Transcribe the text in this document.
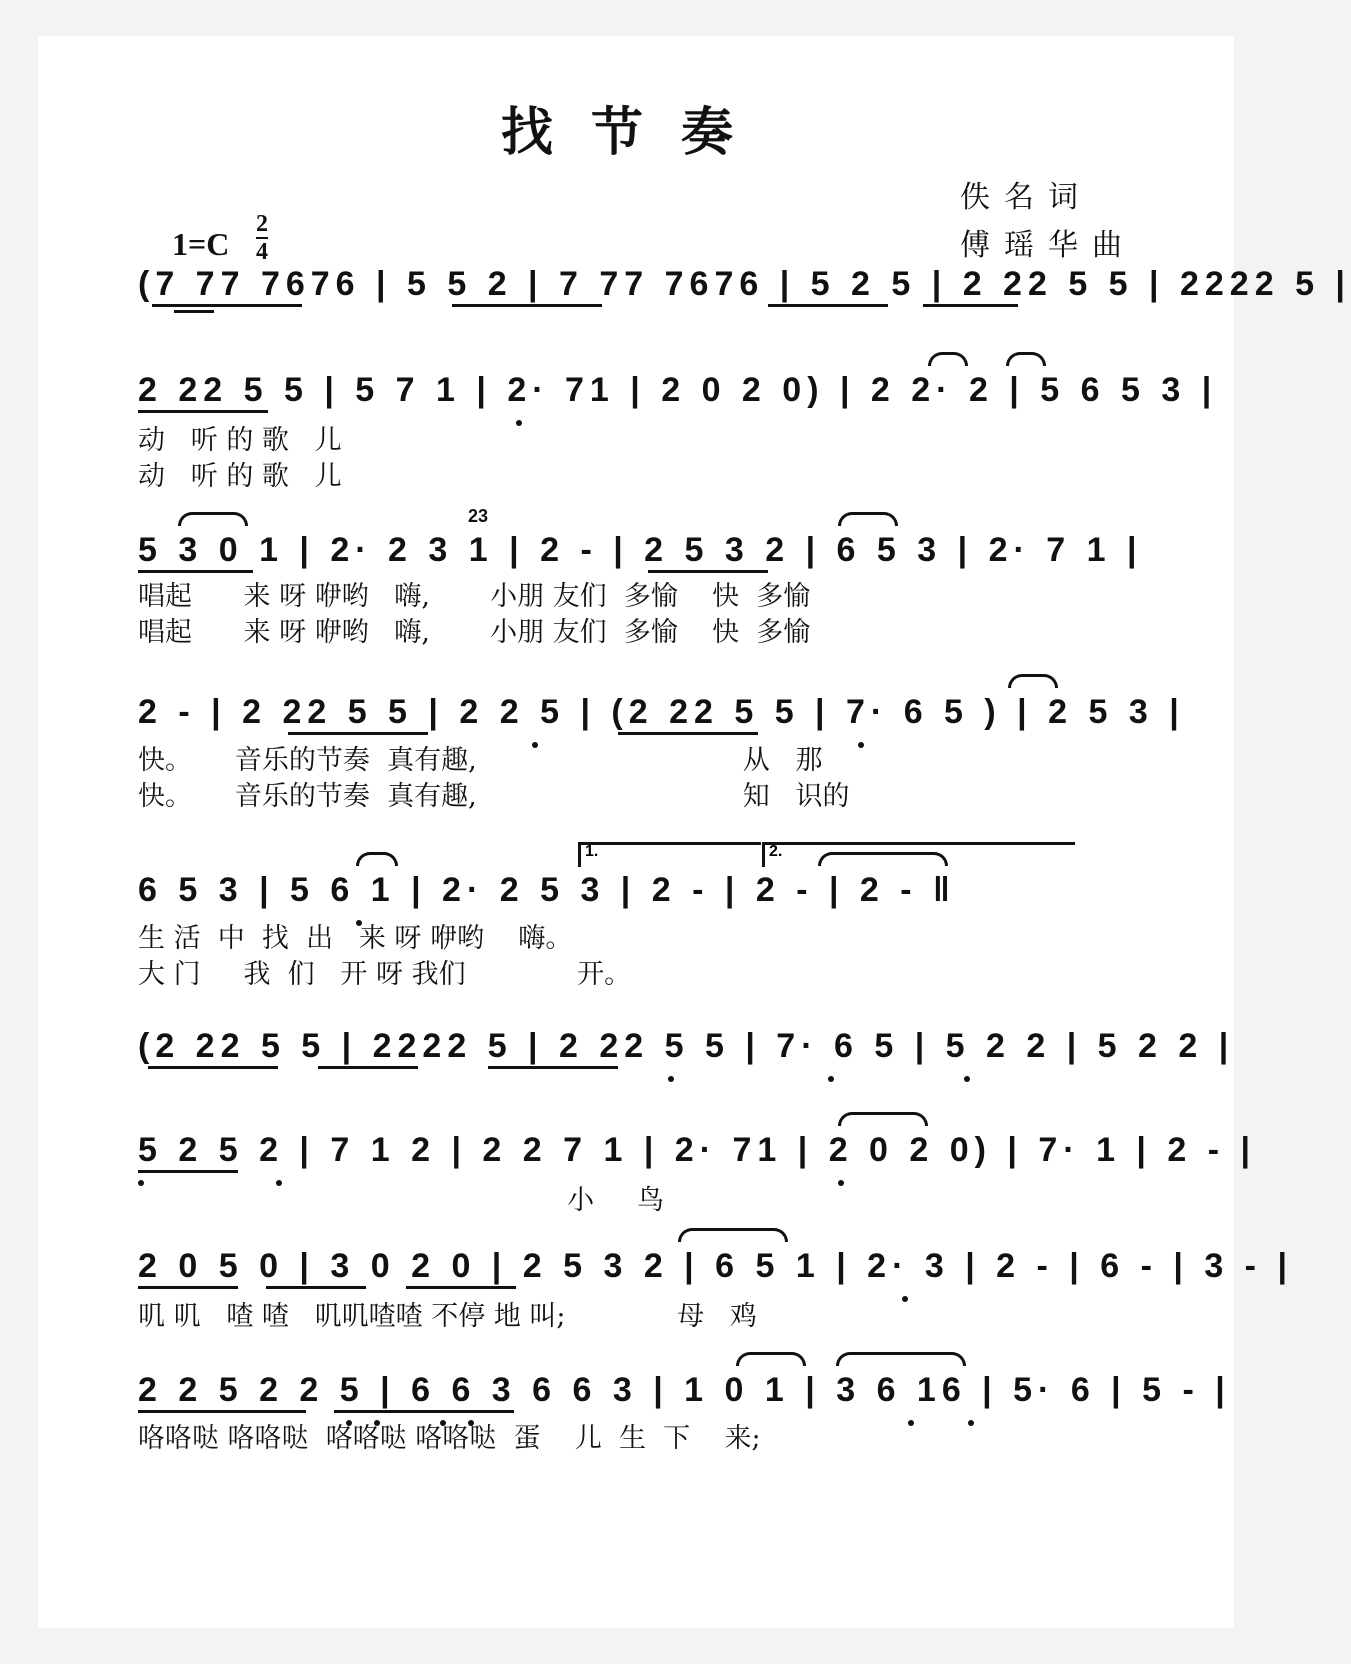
找节奏
佚名词
傅瑶华曲
1=C
2
4
(7 77 7676 | 5 5 2 | 7 77 7676 | 5 2 5 | 2 22 5 5 | 2222 5 |
2 22 5 5 | 5 7 1 | 2· 71 | 2 0 2 0) | 2 2· 2 | 5 6 5 3 |
动   听 的 歌   儿
动   听 的 歌   儿
5 3 0 1 | 2· 2 3 1 | 2 - | 2 5 3 2 | 6 5 3 | 2· 7 1 |
23
唱起      来 呀 咿哟   嗨,       小朋 友们  多愉    快  多愉
唱起      来 呀 咿哟   嗨,       小朋 友们  多愉    快  多愉
2 - | 2 22 5 5 | 2 2 5 | (2 22 5 5 | 7· 6 5 ) | 2 5 3 |
快。     音乐的节奏  真有趣,                               从   那
快。     音乐的节奏  真有趣,                               知   识的
6 5 3 | 5 6 1 | 2· 2 5 3 | 2 - | 2 - | 2 - ‖
1.	2.
生 活  中  找  出   来 呀 咿哟    嗨。
大 门     我  们   开 呀 我们             开。
(2 22 5 5 | 2222 5 | 2 22 5 5 | 7· 6 5 | 5 2 2 | 5 2 2 |
5 2 5 2 | 7 1 2 | 2 2 7 1 | 2· 71 | 2 0 2 0) | 7· 1 | 2 - |
小     鸟
2 0 5 0 | 3 0 2 0 | 2 5 3 2 | 6 5 1 | 2· 3 | 2 - | 6 - | 3 - |
叽 叽   喳 喳   叽叽喳喳 不停 地 叫;             母   鸡
2 2 5 2 2 5 | 6 6 3 6 6 3 | 1 0 1 | 3 6 16 | 5· 6 | 5 - |
咯咯哒 咯咯哒  咯咯哒 咯咯哒  蛋    儿  生  下    来;
